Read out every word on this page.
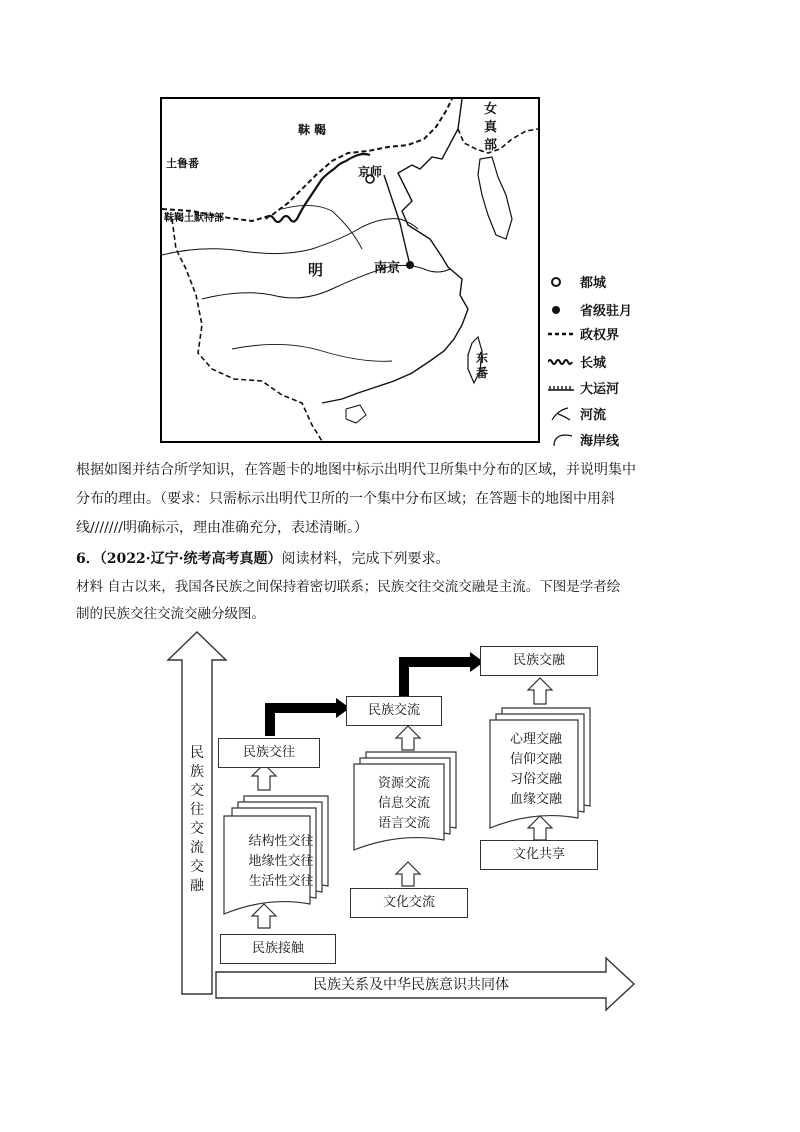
靺 鞨
土鲁番
靺鞨土默特部
女
真
部
京师
明	南京
东
番
都城
省级驻月
政权界
长城
大运河
河流
海岸线
根据如图并结合所学知识，在答题卡的地图中标示出明代卫所集中分布的区域，并说明集中
分布的理由。（要求：只需标示出明代卫所的一个集中分布区域；在答题卡的地图中用斜
线///////明确标示，理由准确充分，表述清晰。）
6．（2022·辽宁·统考高考真题）阅读材料，完成下列要求。
材料 自古以来，我国各民族之间保持着密切联系；民族交往交流交融是主流。下图是学者绘
制的民族交往交流交融分级图。
民
族
交
往
交
流
交
融
民族关系及中华民族意识共同体
民族接触
民族交往
结构性交往
地缘性交往
生活性交往
文化交流
民族交流
资源交流
信息交流
语言交流
文化共享
民族交融
心理交融
信仰交融
习俗交融
血缘交融
